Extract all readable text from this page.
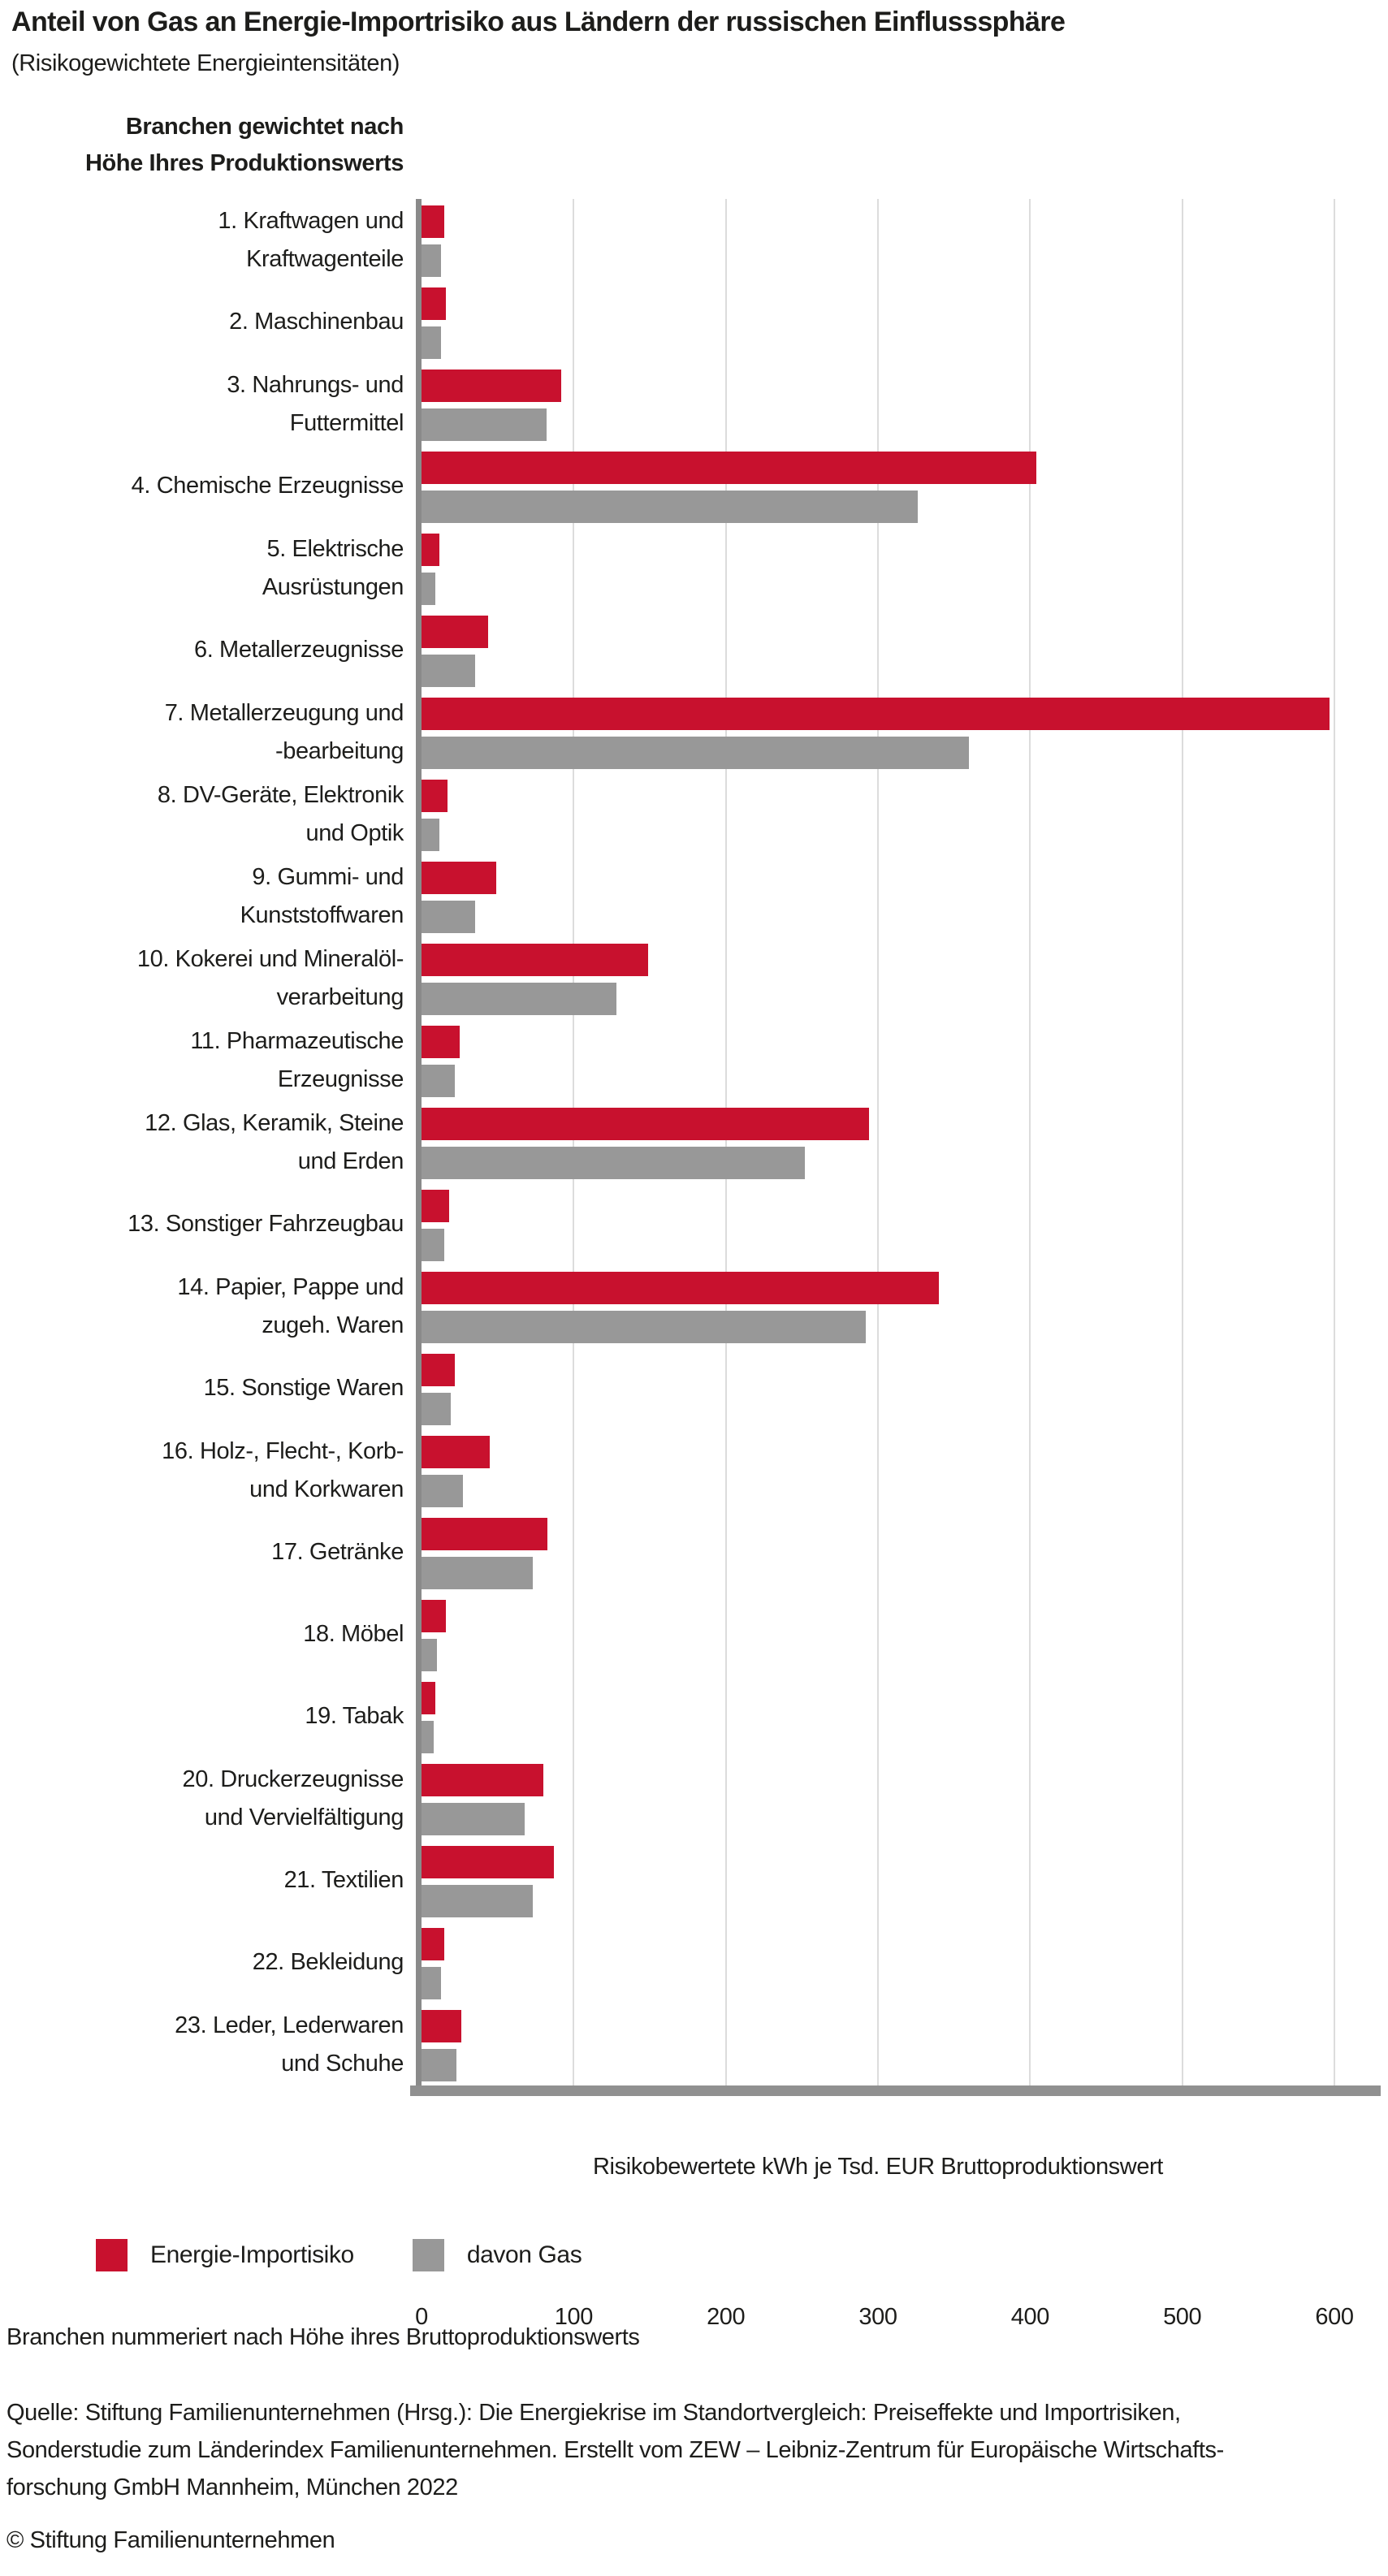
Anteil von Gas an Energie-Importrisiko aus Ländern der russischen Einflusssphäre
(Risikogewichtete Energieintensitäten)
Branchen gewichtet nach
Höhe Ihres Produktionswerts
1. Kraftwagen und
Kraftwagenteile
2. Maschinenbau
3. Nahrungs- und
Futtermittel
4. Chemische Erzeugnisse
5. Elektrische
Ausrüstungen
6. Metallerzeugnisse
7. Metallerzeugung und
-bearbeitung
8. DV-Geräte, Elektronik
und Optik
9. Gummi- und
Kunststoffwaren
10. Kokerei und Mineralöl-
verarbeitung
11. Pharmazeutische
Erzeugnisse
12. Glas, Keramik, Steine
und Erden
13. Sonstiger Fahrzeugbau
14. Papier, Pappe und
zugeh. Waren
15. Sonstige Waren
16. Holz-, Flecht-, Korb-
und Korkwaren
17. Getränke
18. Möbel
19. Tabak
20. Druckerzeugnisse
und Vervielfältigung
21. Textilien
22. Bekleidung
23. Leder, Lederwaren
und Schuhe
0	100	200	300	400	500	600
Risikobewertete kWh je Tsd. EUR Bruttoproduktionswert
Energie-Importisiko	davon Gas
Branchen nummeriert nach Höhe ihres Bruttoproduktionswerts
Quelle: Stiftung Familienunternehmen (Hrsg.): Die Energiekrise im Standortvergleich: Preiseffekte und Importrisiken,
Sonderstudie zum Länderindex Familienunternehmen. Erstellt vom ZEW – Leibniz-Zentrum für Europäische Wirtschafts-
forschung GmbH Mannheim, München 2022
© Stiftung Familienunternehmen
